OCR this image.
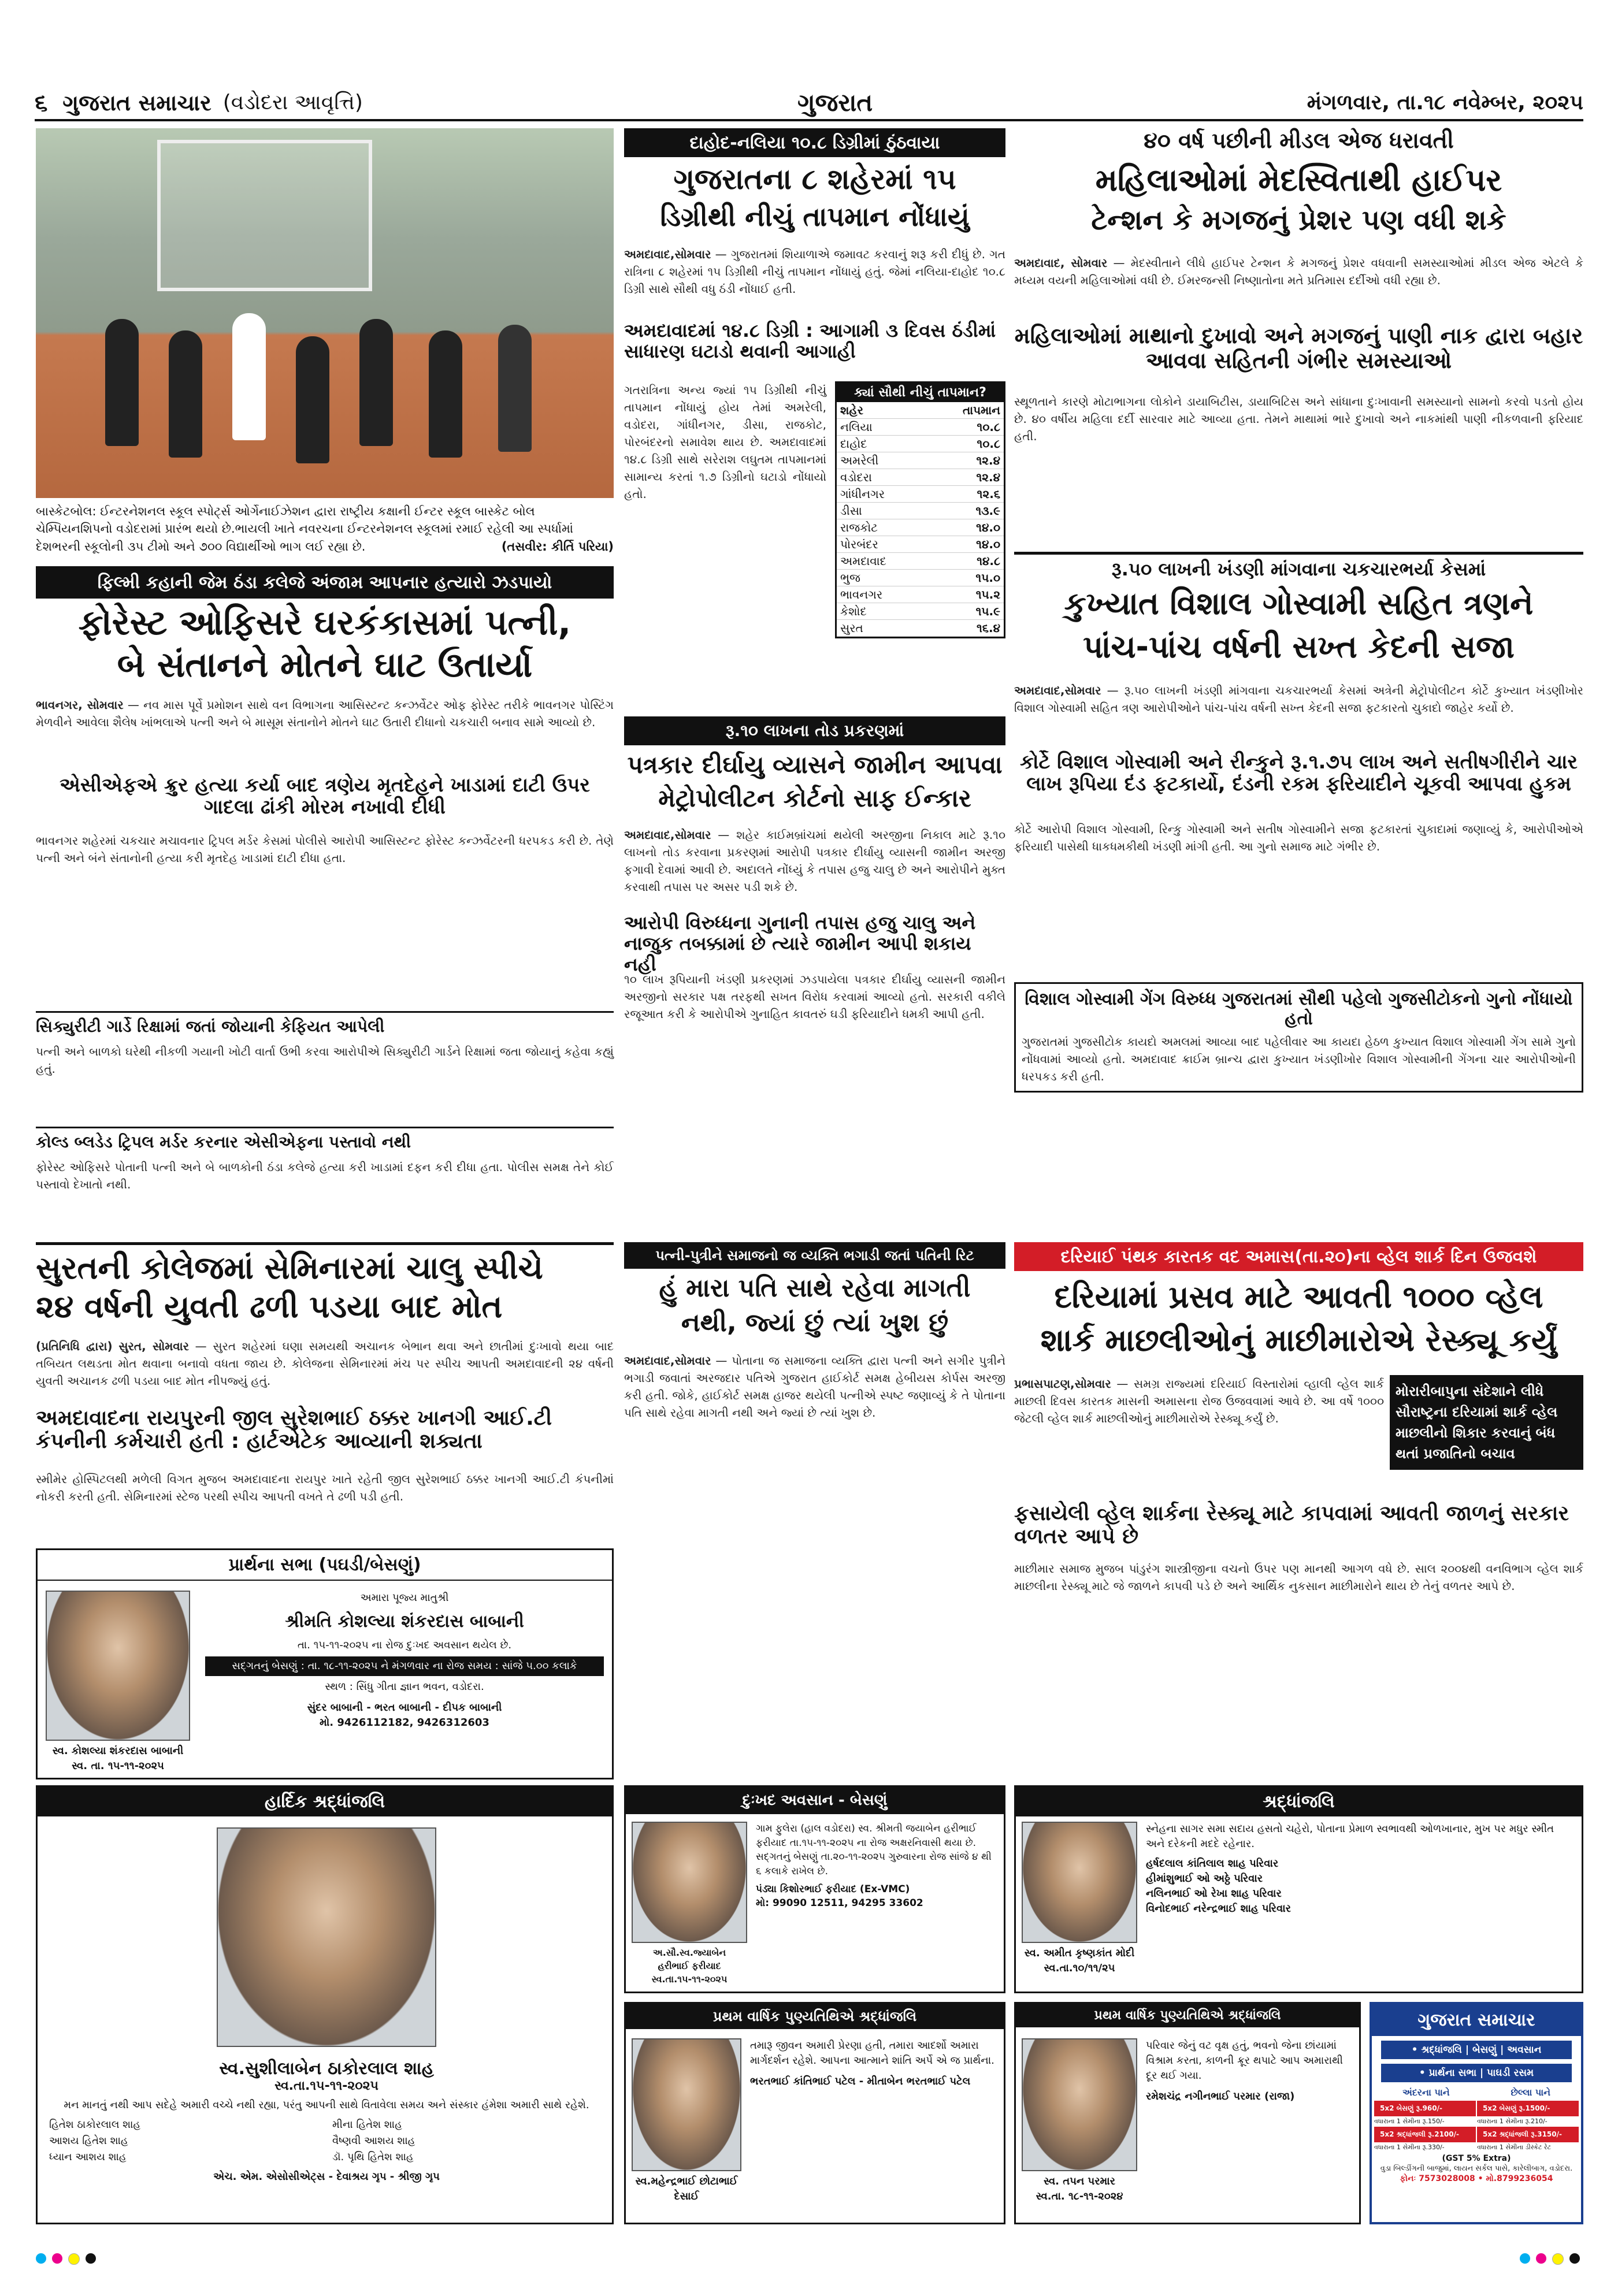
૬ ગુજરાત સમાચાર (વડોદરા આવૃત્તિ)	ગુજરાત	મંગળવાર, તા.૧૮ નવેમ્બર, ૨૦૨૫
બાસ્કેટબોલ: ઈન્ટરનેશનલ સ્કૂલ સ્પોર્ટ્સ ઓર્ગેનાઈઝેશન દ્વારા રાષ્ટ્રીય કક્ષાની ઈન્ટર સ્કૂલ બાસ્કેટ બોલ ચેમ્પિયનશિપનો વડોદરામાં પ્રારંભ થયો છે.ભાયલી ખાતે નવરચના ઈન્ટરનેશનલ સ્કૂલમાં રમાઈ રહેલી આ સ્પર્ધામાં દેશભરની સ્કૂલોની ૩૫ ટીમો અને ૭૦૦ વિદ્યાર્થીઓ ભાગ લઈ રહ્યા છે.	(તસવીર: કીર્તિ પરિયા)
ફિલ્મી કહાની જેમ ઠંડા કલેજે અંજામ આપનાર હત્યારો ઝડપાયો
ફોરેસ્ટ ઓફિસરે ઘરકંકાસમાં પત્ની,
બે સંતાનને મોતને ઘાટ ઉતાર્યા
ભાવનગર, સોમવાર — નવ માસ પૂર્વે પ્રમોશન સાથે વન વિભાગના આસિસ્ટન્ટ કન્ઝર્વેટર ઓફ ફોરેસ્ટ તરીકે ભાવનગર પોસ્ટિંગ મેળવીને આવેલા શૈલેષ ખાંભલાએ પત્ની અને બે માસૂમ સંતાનોને મોતને ઘાટ ઉતારી દીધાનો ચકચારી બનાવ સામે આવ્યો છે.
એસીએફએ ક્રુર હત્યા કર્યા બાદ ત્રણેય મૃતદેહને ખાડામાં દાટી ઉપર ગાદલા ઢાંકી મોરમ નખાવી દીધી
ભાવનગર શહેરમાં ચકચાર મચાવનાર ટ્રિપલ મર્ડર કેસમાં પોલીસે આરોપી આસિસ્ટન્ટ ફોરેસ્ટ કન્ઝર્વેટરની ધરપકડ કરી છે. તેણે પત્ની અને બંને સંતાનોની હત્યા કરી મૃતદેહ ખાડામાં દાટી દીધા હતા.
સિક્યુરીટી ગાર્ડે રિક્ષામાં જતાં જોયાની કેફિયત આપેલી
પત્ની અને બાળકો ઘરેથી નીકળી ગયાની ખોટી વાર્તા ઉભી કરવા આરોપીએ સિક્યુરીટી ગાર્ડને રિક્ષામાં જતા જોયાનું કહેવા કહ્યું હતું.
કોલ્ડ બ્લડેડ ટ્રિપલ મર્ડર કરનાર એસીએફના પસ્તાવો નથી
ફોરેસ્ટ ઓફિસરે પોતાની પત્ની અને બે બાળકોની ઠંડા કલેજે હત્યા કરી ખાડામાં દફન કરી દીધા હતા. પોલીસ સમક્ષ તેને કોઈ પસ્તાવો દેખાતો નથી.
સુરતની કોલેજમાં સેમિનારમાં ચાલુ સ્પીચે
૨૪ વર્ષની યુવતી ઢળી પડયા બાદ મોત
(પ્રતિનિધિ દ્વારા) સુરત, સોમવાર — સુરત શહેરમાં ઘણા સમયથી અચાનક બેભાન થવા અને છાતીમાં દુઃખાવો થયા બાદ તબિયત લથડતા મોત થવાના બનાવો વધતા જાય છે. કોલેજના સેમિનારમાં મંચ પર સ્પીચ આપતી અમદાવાદની ૨૪ વર્ષની યુવતી અચાનક ઢળી પડયા બાદ મોત નીપજ્યું હતું.
અમદાવાદના રાયપુરની જીલ સુરેશભાઈ ઠક્કર ખાનગી આઈ.ટી કંપનીની કર્મચારી હતી : હાર્ટએટેક આવ્યાની શક્યતા
સ્મીમેર હોસ્પિટલથી મળેલી વિગત મુજબ અમદાવાદના રાયપુર ખાતે રહેતી જીલ સુરેશભાઈ ઠક્કર ખાનગી આઈ.ટી કંપનીમાં નોકરી કરતી હતી. સેમિનારમાં સ્ટેજ પરથી સ્પીચ આપતી વખતે તે ઢળી પડી હતી.
દાહોદ-નલિયા ૧૦.૮ ડિગ્રીમાં ઠુંઠવાયા
ગુજરાતના ૮ શહેરમાં ૧૫
ડિગ્રીથી નીચું તાપમાન નોંધાયું
અમદાવાદ,સોમવાર — ગુજરાતમાં શિયાળાએ જમાવટ કરવાનું શરૂ કરી દીધું છે. ગત રાત્રિના ૮ શહેરમાં ૧૫ ડિગ્રીથી નીચું તાપમાન નોંધાયું હતું. જેમાં નલિયા-દાહોદ ૧૦.૮ ડિગ્રી સાથે સૌથી વધુ ઠંડી નોંધાઈ હતી.
અમદાવાદમાં ૧૪.૮ ડિગ્રી : આગામી ૩ દિવસ ઠંડીમાં સાધારણ ઘટાડો થવાની આગાહી
ગતરાત્રિના અન્ય જ્યાં ૧૫ ડિગ્રીથી નીચું તાપમાન નોંધાયું હોય તેમાં અમરેલી, વડોદરા, ગાંધીનગર, ડીસા, રાજકોટ, પોરબંદરનો સમાવેશ થાય છે. અમદાવાદમાં ૧૪.૮ ડિગ્રી સાથે સરેરાશ લઘુતમ તાપમાનમાં સામાન્ય કરતાં ૧.૭ ડિગ્રીનો ઘટાડો નોંધાયો હતો.
ક્યાં સૌથી નીચું તાપમાન?
શહેર	તાપમાન
નલિયા	૧૦.૮
દાહોદ	૧૦.૮
અમરેલી	૧૨.૪
વડોદરા	૧૨.૪
ગાંધીનગર	૧૨.૬
ડીસા	૧૩.૯
રાજકોટ	૧૪.૦
પોરબંદર	૧૪.૦
અમદાવાદ	૧૪.૮
ભુજ	૧૫.૦
ભાવનગર	૧૫.૨
કેશોદ	૧૫.૯
સુરત	૧૬.૪
રૂ.૧૦ લાખના તોડ પ્રકરણમાં
પત્રકાર દીર્ઘાયુ વ્યાસને જામીન આપવા
મેટ્રોપોલીટન કોર્ટનો સાફ ઈન્કાર
અમદાવાદ,સોમવાર — શહેર કાઈમબ્રાંચમાં થયેલી અરજીના નિકાલ માટે રૂ.૧૦ લાખનો તોડ કરવાના પ્રકરણમાં આરોપી પત્રકાર દીર્ઘાયુ વ્યાસની જામીન અરજી ફગાવી દેવામાં આવી છે. અદાલતે નોંધ્યું કે તપાસ હજુ ચાલુ છે અને આરોપીને મુક્ત કરવાથી તપાસ પર અસર પડી શકે છે.
આરોપી વિરુધ્ધના ગુનાની તપાસ હજુ ચાલુ અને નાજુક તબક્કામાં છે ત્યારે જામીન આપી શકાય નહી
૧૦ લાખ રૂપિયાની ખંડણી પ્રકરણમાં ઝડપાયેલા પત્રકાર દીર્ઘાયુ વ્યાસની જામીન અરજીનો સરકાર પક્ષ તરફથી સખત વિરોધ કરવામાં આવ્યો હતો. સરકારી વકીલે રજૂઆત કરી કે આરોપીએ ગુનાહિત કાવતરું ઘડી ફરિયાદીને ધમકી આપી હતી.
પત્ની-પુત્રીને સમાજનો જ વ્યક્તિ ભગાડી જતાં પતિની રિટ
હું મારા પતિ સાથે રહેવા માગતી
નથી, જ્યાં છું ત્યાં ખુશ છું
અમદાવાદ,સોમવાર — પોતાના જ સમાજના વ્યક્તિ દ્વારા પત્ની અને સગીર પુત્રીને ભગાડી જવાતાં અરજદાર પતિએ ગુજરાત હાઈકોર્ટ સમક્ષ હેબીયસ કોર્પસ અરજી કરી હતી. જોકે, હાઈકોર્ટ સમક્ષ હાજર થયેલી પત્નીએ સ્પષ્ટ જણાવ્યું કે તે પોતાના પતિ સાથે રહેવા માગતી નથી અને જ્યાં છે ત્યાં ખુશ છે.
૪૦ વર્ષ પછીની મીડલ એજ ધરાવતી
મહિલાઓમાં મેદસ્વિતાથી હાઈપર
ટેન્શન કે મગજનું પ્રેશર પણ વધી શકે
અમદાવાદ, સોમવાર — મેદસ્વીતાને લીધે હાઈપર ટેન્શન કે મગજનું પ્રેશર વધવાની સમસ્યાઓમાં મીડલ એજ એટલે કે મધ્યમ વયની મહિલાઓમાં વધી છે. ઈમરજન્સી નિષ્ણાતોના મતે પ્રતિમાસ દર્દીઓ વધી રહ્યા છે.
મહિલાઓમાં માથાનો દુખાવો અને મગજનું પાણી નાક દ્વારા બહાર આવવા સહિતની ગંભીર સમસ્યાઓ
સ્થૂળતાને કારણે મોટાભાગના લોકોને ડાયાબિટીસ, ડાયાબિટિસ અને સાંધાના દુઃખાવાની સમસ્યાનો સામનો કરવો પડતો હોય છે. ૪૦ વર્ષીય મહિલા દર્દી સારવાર માટે આવ્યા હતા. તેમને માથામાં ભારે દુખાવો અને નાકમાંથી પાણી નીકળવાની ફરિયાદ હતી.
રૂ.૫૦ લાખની ખંડણી માંગવાના ચકચારભર્યા કેસમાં
કુખ્યાત વિશાલ ગોસ્વામી સહિત ત્રણને
પાંચ-પાંચ વર્ષની સખ્ત કેદની સજા
અમદાવાદ,સોમવાર — રૂ.૫૦ લાખની ખંડણી માંગવાના ચકચારભર્યા કેસમાં અત્રેની મેટ્રોપોલીટન કોર્ટે કુખ્યાત ખંડણીખોર વિશાલ ગોસ્વામી સહિત ત્રણ આરોપીઓને પાંચ-પાંચ વર્ષની સખ્ત કેદની સજા ફટકારતો ચુકાદો જાહેર કર્યો છે.
કોર્ટે વિશાલ ગોસ્વામી અને રીન્કુને રૂ.૧.૭૫ લાખ અને સતીષગીરીને ચાર લાખ રૂપિયા દંડ ફટકાર્યો, દંડની રકમ ફરિયાદીને ચૂકવી આપવા હુકમ
કોર્ટે આરોપી વિશાલ ગોસ્વામી, રિન્કુ ગોસ્વામી અને સતીષ ગોસ્વામીને સજા ફટકારતાં ચુકાદામાં જણાવ્યું કે, આરોપીઓએ ફરિયાદી પાસેથી ધાકધમકીથી ખંડણી માંગી હતી. આ ગુનો સમાજ માટે ગંભીર છે.
વિશાલ ગોસ્વામી ગેંગ વિરુધ્ધ ગુજરાતમાં સૌથી પહેલો ગુજસીટોકનો ગુનો નોંધાયો હતો
ગુજરાતમાં ગુજસીટોક કાયદો અમલમાં આવ્યા બાદ પહેલીવાર આ કાયદા હેઠળ કુખ્યાત વિશાલ ગોસ્વામી ગેંગ સામે ગુનો નોંધવામાં આવ્યો હતો. અમદાવાદ ક્રાઈમ બ્રાન્ચ દ્વારા કુખ્યાત ખંડણીખોર વિશાલ ગોસ્વામીની ગેંગના ચાર આરોપીઓની ધરપકડ કરી હતી.
દરિયાઈ પંથક કારતક વદ અમાસ(તા.૨૦)ના વ્હેલ શાર્ક દિન ઉજવશે
દરિયામાં પ્રસવ માટે આવતી ૧૦૦૦ વ્હેલ
શાર્ક માછલીઓનું માછીમારોએ રેસ્ક્યૂ કર્યું
પ્રભાસપાટણ,સોમવાર — સમગ્ર રાજ્યમાં દરિયાઈ વિસ્તારોમાં વ્હાલી વ્હેલ શાર્ક માછલી દિવસ કારતક માસની અમાસના રોજ ઉજવવામાં આવે છે. આ વર્ષે ૧૦૦૦ જેટલી વ્હેલ શાર્ક માછલીઓનું માછીમારોએ રેસ્ક્યૂ કર્યું છે.
મોરારીબાપુના સંદેશાને લીધે સૌરાષ્ટ્રના દરિયામાં શાર્ક વ્હેલ માછલીનો શિકાર કરવાનું બંધ થતાં પ્રજાતિનો બચાવ
ફસાયેલી વ્હેલ શાર્કના રેસ્ક્યૂ માટે કાપવામાં આવતી જાળનું સરકાર વળતર આપે છે
માછીમાર સમાજ મુજબ પાંડુરંગ શાસ્ત્રીજીના વચનો ઉપર પણ માનથી આગળ વધે છે. સાલ ૨૦૦૪થી વનવિભાગ વ્હેલ શાર્ક માછલીના રેસ્ક્યૂ માટે જે જાળને કાપવી પડે છે અને આર્થિક નુકસાન માછીમારોને થાય છે તેનું વળતર આપે છે.
પ્રાર્થના સભા (પઘડી/બેસણું)
સ્વ. કોશલ્યા શંકરદાસ બાબાની
સ્વ. તા. ૧૫-૧૧-૨૦૨૫
અમારા પૂજ્ય માતુશ્રી
શ્રીમતિ કોશલ્યા શંકરદાસ બાબાની
તા. ૧૫-૧૧-૨૦૨૫ ના રોજ દુઃખદ અવસાન થયેલ છે.
સદ્ગતનું બેસણું : તા. ૧૮-૧૧-૨૦૨૫ ને મંગળવાર ના રોજ સમય : સાંજે ૫.૦૦ કલાકે
સ્થળ : સિંધુ ગીતા જ્ઞાન ભવન, વડોદરા.
સુંદર બાબાની - ભરત બાબાની - દીપક બાબાની
મો. 9426112182, 9426312603
હાર્દિક શ્રદ્ધાંજલિ
સ્વ.સુશીલાબેન ઠાકોરલાલ શાહ
સ્વ.તા.૧૫-૧૧-૨૦૨૫
મન માનતું નથી આપ સદેહે અમારી વચ્ચે નથી રહ્યા, પરંતુ આપની સાથે વિતાવેલા સમય અને સંસ્કાર હંમેશા અમારી સાથે રહેશે.
હિતેશ ઠાકોરલાલ શાહ	મીના હિતેશ શાહ
આશય હિતેશ શાહ	વૈષ્ણવી આશય શાહ
ધ્યાન આશય શાહ	ડૉ. પૃથિ હિતેશ શાહ
એચ. એમ. એસોસીએટ્સ - દેવાશ્રય ગૃપ - શ્રીજી ગૃપ
દુઃખદ અવસાન - બેસણું
અ.સૌ.સ્વ.જ્યાબેન
હરીભાઈ ફરીયાદ
સ્વ.તા.૧૫-૧૧-૨૦૨૫
ગામ ફુલેરા (હાલ વડોદરા) સ્વ. શ્રીમતી જયાબેન હરીભાઈ ફરીયાદ તા.૧૫-૧૧-૨૦૨૫ ના રોજ અક્ષરનિવાસી થયા છે. સદ્ગતનું બેસણું તા.૨૦-૧૧-૨૦૨૫ ગુરુવારના રોજ સાંજે ૪ થી ૬ કલાકે રાખેલ છે.
પંડ્યા કિશોરભાઈ ફરીયાદ (Ex-VMC)
મો: 99090 12511, 94295 33602
શ્રદ્ધાંજલિ
સ્વ. અમીત કૃષ્ણકાંત મોદી
સ્વ.તા.૧૦/૧૧/૨૫
સ્નેહના સાગર સમા સદાય હસતો ચહેરો, પોતાના પ્રેમાળ સ્વભાવથી ઓળખાનાર, મુખ પર મધુર સ્મીત અને દરેકની મદદે રહેનાર.
હર્ષદલાલ કાંતિલાલ શાહ પરિવાર
હીમાંશુભાઈ ઓ અઠ્ઠે પરિવાર
નલિનભાઈ ઓ રેખા શાહ પરિવાર
વિનોદભાઈ નરેન્દ્રભાઈ શાહ પરિવાર
પ્રથમ વાર્ષિક પુણ્યતિથિએ શ્રદ્ધાંજલિ
સ્વ.મહેન્દ્રભાઈ છોટાભાઈ દેસાઈ
તમારૂ જીવન અમારી પ્રેરણા હતી, તમારા આદર્શો અમારા માર્ગદર્શન રહેશે. આપના આત્માને શાંતિ અર્પે એ જ પ્રાર્થના.
ભરતભાઈ કાંતિભાઈ પટેલ - મીતાબેન ભરતભાઈ પટેલ
પ્રથમ વાર્ષિક પુણ્યતિથિએ શ્રદ્ધાંજલિ
સ્વ. તપન પરમાર
સ્વ.તા. ૧૮-૧૧-૨૦૨૪
પરિવાર જેનું વટ વૃક્ષ હતું, ભવનો જેના છાંયામાં વિશ્રામ કરતા, કાળની ક્રૂર થપાટે આપ અમારાથી દૂર થઈ ગયા.
રમેશચંદ્ર નગીનભાઈ પરમાર (રાજા)
ગુજરાત સમાચાર
• શ્રદ્ધાંજલિ | બેસણું | અવસાન
• પ્રાર્થના સભા | પાઘડી રસમ
અંદરના પાને	છેલ્લા પાને
5x2 બેસણું રૂ.960/-	5x2 બેસણું રૂ.1500/-
વધારાના 1 સેમીના રૂ.150/-	વધારાના 1 સેમીના રૂ.210/-
5x2 શ્રદ્ધાંજલી રૂ.2100/-	5x2 શ્રદ્ધાંજલી રૂ.3150/-
વધારાના 1 સેમીના રૂ.330/-	વધારાના 1 સેમીના ડીસ્કેટ રેટ
(GST 5% Extra)
વુડા બિલ્ડીંગની બાજુમાં, લાયન સર્કલ પાસે, કારેલીબાગ, વડોદરા.
ફોનઃ 7573028008 • મો.8799236054
